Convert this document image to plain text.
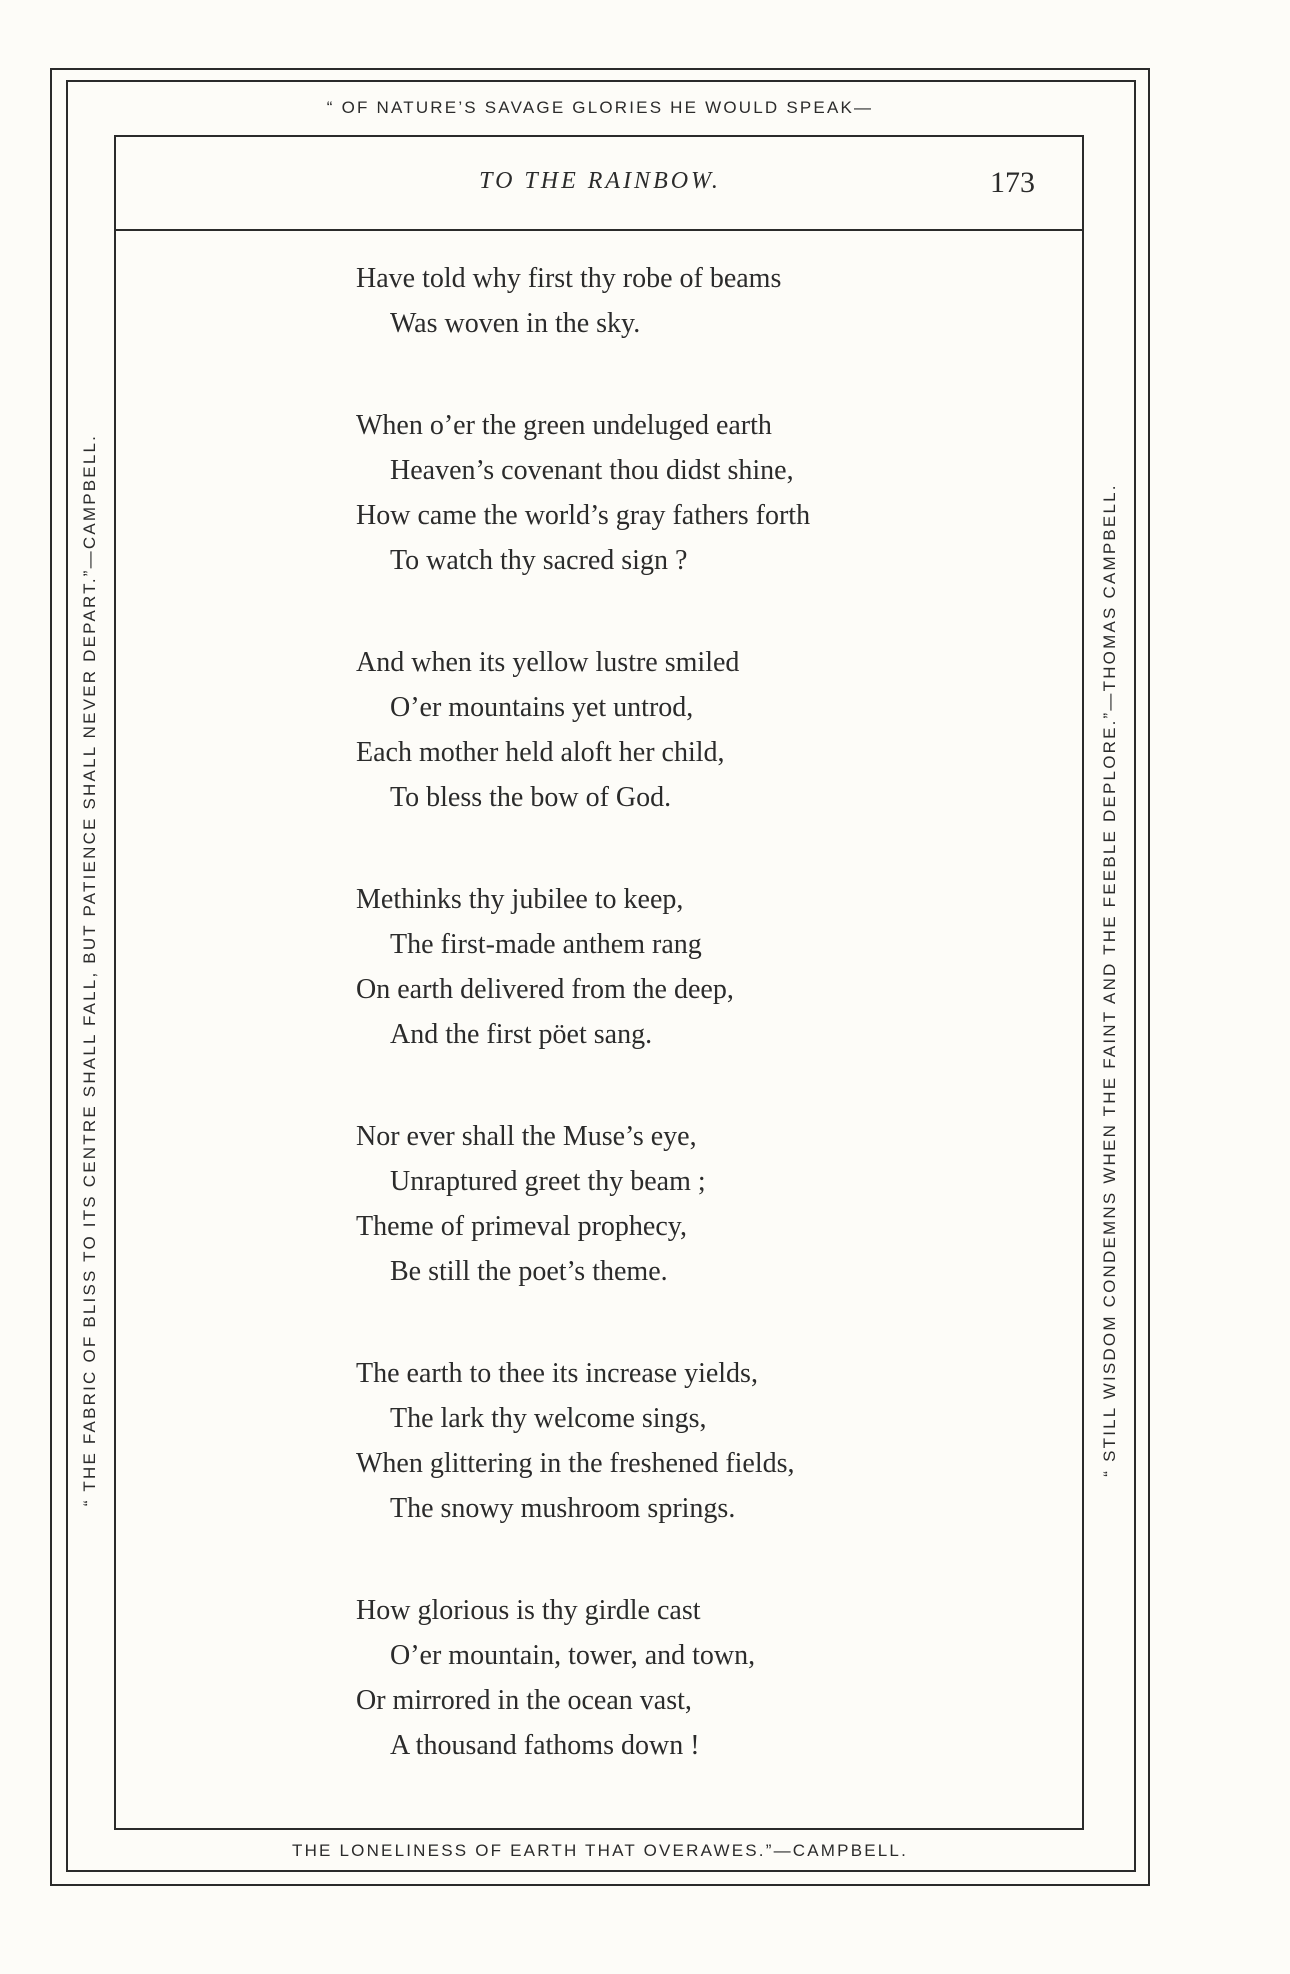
“ OF NATURE’S SAVAGE GLORIES HE WOULD SPEAK—
THE LONELINESS OF EARTH THAT OVERAWES.”—CAMPBELL.
“ THE FABRIC OF BLISS TO ITS CENTRE SHALL FALL, BUT PATIENCE SHALL NEVER DEPART.”—CAMPBELL.	“ STILL WISDOM CONDEMNS WHEN THE FAINT AND THE FEEBLE DEPLORE.”—THOMAS CAMPBELL.
TO THE RAINBOW.	173
Have told why first thy robe of beams
Was woven in the sky.
When o’er the green undeluged earth
Heaven’s covenant thou didst shine,
How came the world’s gray fathers forth
To watch thy sacred sign ?
And when its yellow lustre smiled
O’er mountains yet untrod,
Each mother held aloft her child,
To bless the bow of God.
Methinks thy jubilee to keep,
The first-made anthem rang
On earth delivered from the deep,
And the first pöet sang.
Nor ever shall the Muse’s eye,
Unraptured greet thy beam ;
Theme of primeval prophecy,
Be still the poet’s theme.
The earth to thee its increase yields,
The lark thy welcome sings,
When glittering in the freshened fields,
The snowy mushroom springs.
How glorious is thy girdle cast
O’er mountain, tower, and town,
Or mirrored in the ocean vast,
A thousand fathoms down !
